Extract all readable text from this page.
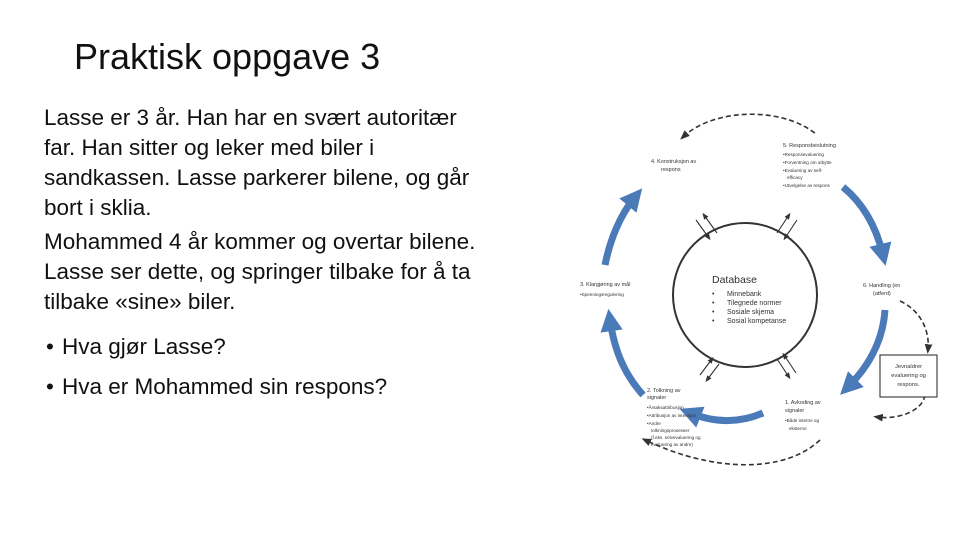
Praktisk oppgave 3
Lasse er 3 år. Han har en svært autoritær far. Han sitter og leker med biler i sandkassen. Lasse parkerer bilene, og går bort i sklia.
Mohammed 4 år kommer og overtar bilene. Lasse ser dette, og springer tilbake for å ta tilbake «sine» biler.
• Hva gjør Lasse?
• Hva er Mohammed sin respons?
Database
• Minnebank
• Tilegnede normer
• Sosiale skjema
• Sosial kompetanse
4. Konstruksjon av
respons
5. Responsbeslutning
•Responsevaluering
•Forventning om utbytte
•Evaluering av self-
efficacy
•Utvelgelse av respons
6. Handling (en
(atferd)
3. Klargjøring av mål
•Spenningsregulering
2. Tolkning av
signaler
•Årsaksattribusjon
•Attribusjon av intensjon
•Andre
tolkningsprosesser
(f.eks. selvevaluering og
evaluering av andre)
1. Avkoding av
signaler
•Både interne og
eksterne
Jevnaldrer
evaluering og
respons.
